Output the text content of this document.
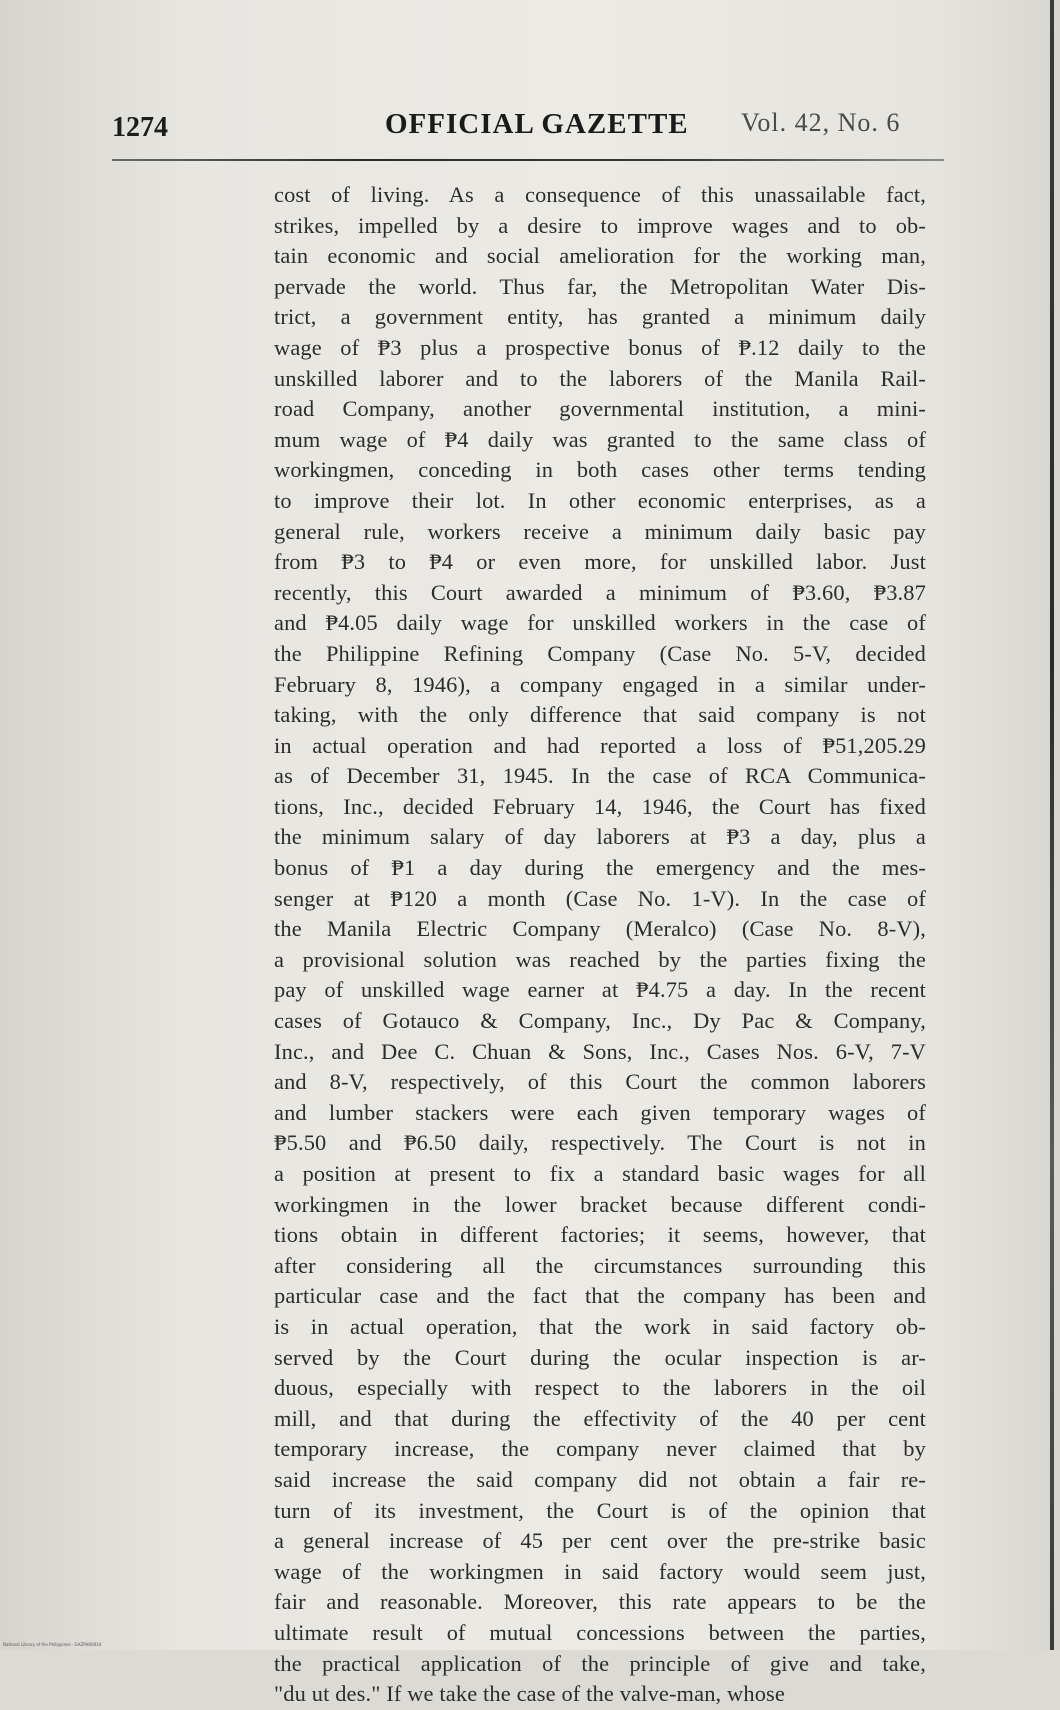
1274	OFFICIAL GAZETTE Vol. 42, No. 6
cost of living. As a consequence of this unassailable fact,
strikes, impelled by a desire to improve wages and to ob-
tain economic and social amelioration for the working man,
pervade the world. Thus far, the Metropolitan Water Dis-
trict, a government entity, has granted a minimum daily
wage of ₱3 plus a prospective bonus of ₱.12 daily to the
unskilled laborer and to the laborers of the Manila Rail-
road Company, another governmental institution, a mini-
mum wage of ₱4 daily was granted to the same class of
workingmen, conceding in both cases other terms tending
to improve their lot. In other economic enterprises, as a
general rule, workers receive a minimum daily basic pay
from ₱3 to ₱4 or even more, for unskilled labor. Just
recently, this Court awarded a minimum of ₱3.60, ₱3.87
and ₱4.05 daily wage for unskilled workers in the case of
the Philippine Refining Company (Case No. 5-V, decided
February 8, 1946), a company engaged in a similar under-
taking, with the only difference that said company is not
in actual operation and had reported a loss of ₱51,205.29
as of December 31, 1945. In the case of RCA Communica-
tions, Inc., decided February 14, 1946, the Court has fixed
the minimum salary of day laborers at ₱3 a day, plus a
bonus of ₱1 a day during the emergency and the mes-
senger at ₱120 a month (Case No. 1-V). In the case of
the Manila Electric Company (Meralco) (Case No. 8-V),
a provisional solution was reached by the parties fixing the
pay of unskilled wage earner at ₱4.75 a day. In the recent
cases of Gotauco & Company, Inc., Dy Pac & Company,
Inc., and Dee C. Chuan & Sons, Inc., Cases Nos. 6-V, 7-V
and 8-V, respectively, of this Court the common laborers
and lumber stackers were each given temporary wages of
₱5.50 and ₱6.50 daily, respectively. The Court is not in
a position at present to fix a standard basic wages for all
workingmen in the lower bracket because different condi-
tions obtain in different factories; it seems, however, that
after considering all the circumstances surrounding this
particular case and the fact that the company has been and
is in actual operation, that the work in said factory ob-
served by the Court during the ocular inspection is ar-
duous, especially with respect to the laborers in the oil
mill, and that during the effectivity of the 40 per cent
temporary increase, the company never claimed that by
said increase the said company did not obtain a fair re-
turn of its investment, the Court is of the opinion that
a general increase of 45 per cent over the pre-strike basic
wage of the workingmen in said factory would seem just,
fair and reasonable. Moreover, this rate appears to be the
ultimate result of mutual concessions between the parties,
the practical application of the principle of give and take,
"du ut des." If we take the case of the valve-man, whose
National Library of the Philippines · GAZPH00034
